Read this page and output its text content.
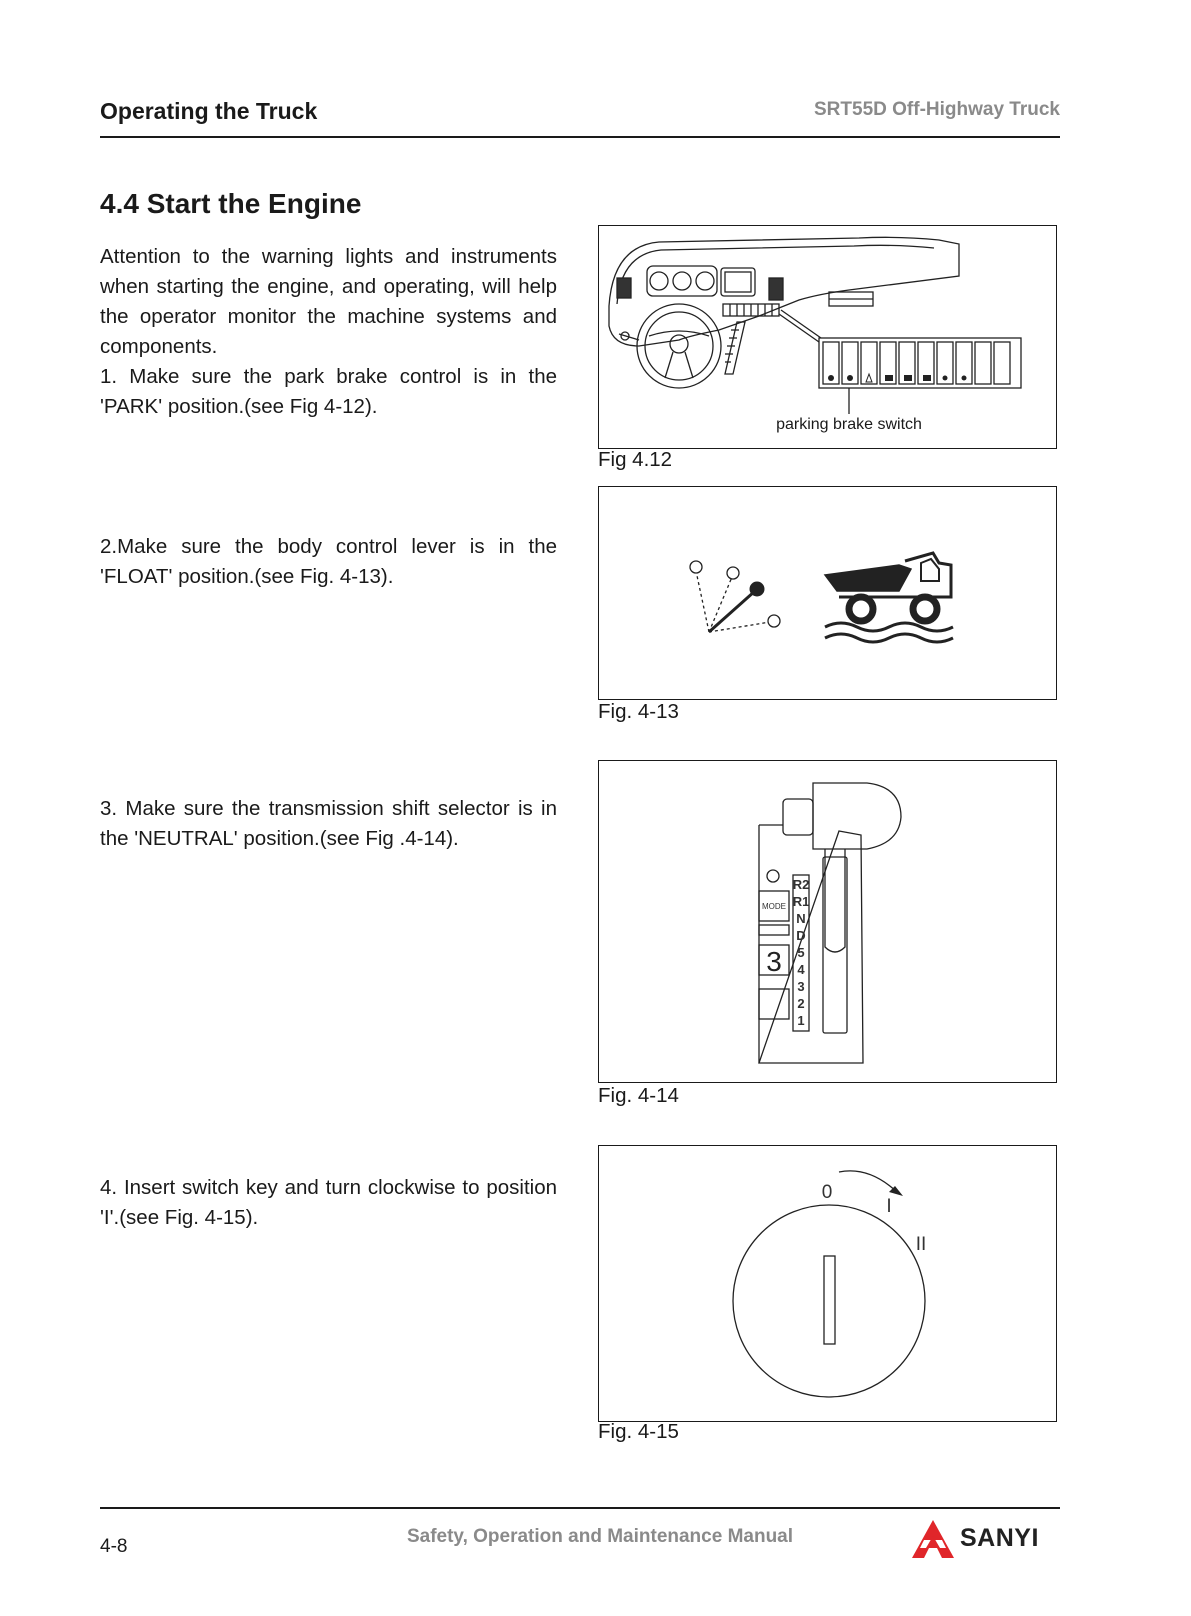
Operating the Truck	SRT55D Off-Highway Truck
4.4 Start the Engine

Attention to the warning lights and instruments when starting the engine, and operating, will help the operator monitor the machine systems and components.

1. Make sure the park brake control is in the 'PARK' position.(see Fig 4-12).

2.Make sure the body control lever is in the 'FLOAT' position.(see Fig. 4-13).

3. Make sure the transmission shift selector is in the 'NEUTRAL' position.(see Fig .4-14).

4. Insert switch key and turn clockwise to position 'I'.(see Fig. 4-15).

parking brake switch
Fig 4.12
Fig. 4-13
MODE
3
R2
R1
N
D
5
4
3
2
1
Fig. 4-14
0
I
II
Fig. 4-15
4-8	Safety, Operation and Maintenance Manual	SANYI
